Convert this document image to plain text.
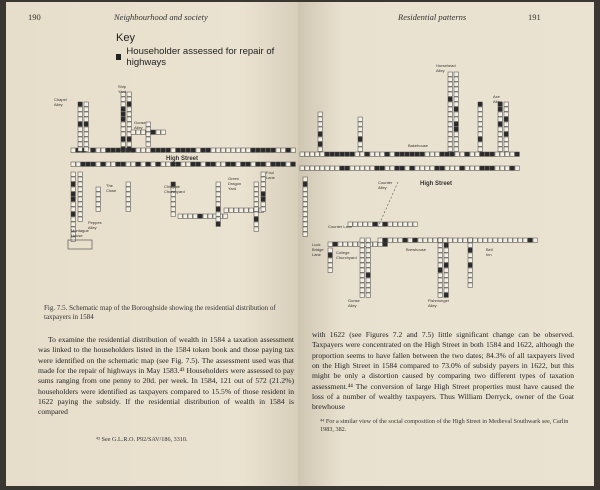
190	Neighbourhood and society
Key
Householder assessed for repair of highways
Chapel
Alley
Ship
Yard
Goose
Alley
Peppes
Alley
The
Close
Montague
House
Chingate
Churchyard
Green
Dragon
Yard
Foul
Lane
High Street
Fig. 7.5. Schematic map of the Boroughside showing the residential distribution of taxpayers in 1584

To examine the residential distribution of wealth in 1584 a taxation assessment was linked to the householders listed in the 1584 token book and those paying tax were identified on the schematic map (see Fig. 7.5). The assessment used was that made for the repair of highways in May 1583.⁴³ Householders were assessed to pay sums ranging from one penny to 20d. per week. In 1584, 121 out of 572 (21.2%) householders were identified as taxpayers compared to 15.5% of those resident in 1622 paying the subsidy. If the residential distribution of wealth in 1584 is compared

⁴³ See G.L.R.O. P92/SAV/186, 3310.
Residential patterns	191
Horsehead
Alley
Axe
Alley
Bakehouse
Counter
Alley
Counter Lane
Lock
Bridge
Lane	College
Churchyard
Goose
Alley
Fishmonger
Alley
Brewhouse	Bell
Inn
High Street

with 1622 (see Figures 7.2 and 7.5) little significant change can be observed. Taxpayers were concentrated on the High Street in both 1584 and 1622, although the proportion seems to have fallen between the two dates; 84.3% of all taxpayers lived on the High Street in 1584 compared to 73.0% of subsidy payers in 1622, but this might be only a distortion caused by comparing two different types of taxation assessment.⁴⁴ The conversion of large High Street properties must have caused the loss of a number of wealthy taxpayers. Thus William Derryck, owner of the Goat brewhouse

⁴⁴ For a similar view of the social composition of the High Street in Medieval Southwark see, Carlin 1983, 382.
